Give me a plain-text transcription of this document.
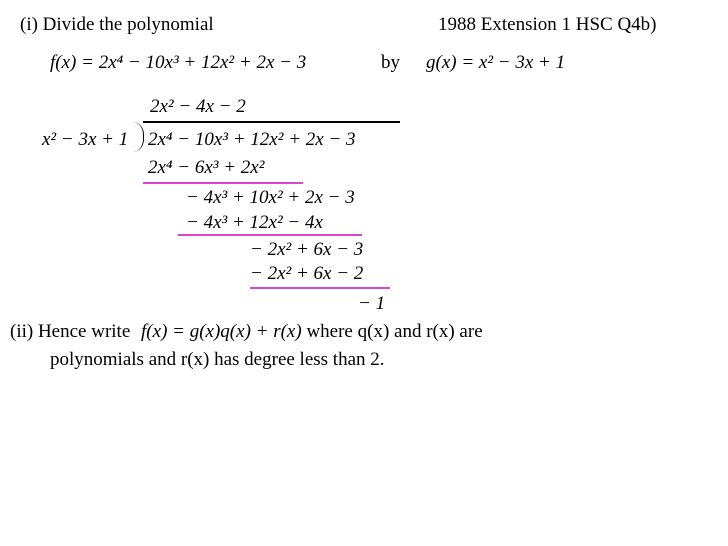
(i) Divide the polynomial	1988 Extension 1 HSC Q4b)
f(x) = 2x⁴ − 10x³ + 12x² + 2x − 3	by g(x) = x² − 3x + 1
2x² − 4x − 2
x² − 3x + 1 2x⁴ − 10x³ + 12x² + 2x − 3
2x⁴ − 6x³ + 2x²
− 4x³ + 10x² + 2x − 3
− 4x³ + 12x² − 4x
− 2x² + 6x − 3
− 2x² + 6x − 2
− 1
(ii) Hence write f(x) = g(x)q(x) + r(x) where q(x) and r(x) are
polynomials and r(x) has degree less than 2.
